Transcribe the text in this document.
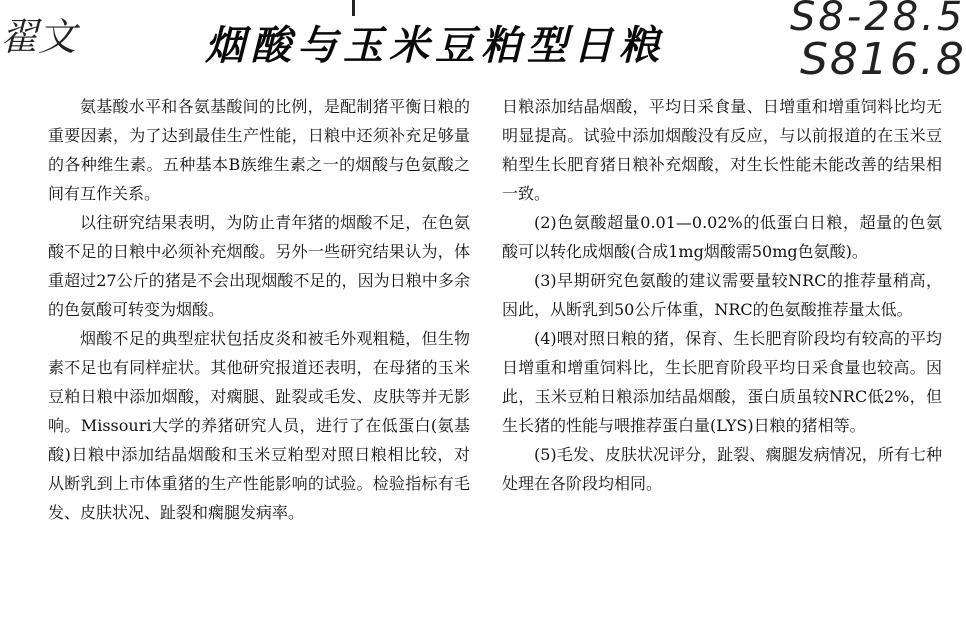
翟文	S8-28.5
S816.8
烟酸与玉米豆粕型日粮

氨基酸水平和各氨基酸间的比例，是配制猪平衡日粮的重要因素，为了达到最佳生产性能，日粮中还须补充足够量的各种维生素。五种基本B族维生素之一的烟酸与色氨酸之间有互作关系。

以往研究结果表明，为防止青年猪的烟酸不足，在色氨酸不足的日粮中必须补充烟酸。另外一些研究结果认为，体重超过27公斤的猪是不会出现烟酸不足的，因为日粮中多余的色氨酸可转变为烟酸。

烟酸不足的典型症状包括皮炎和被毛外观粗糙，但生物素不足也有同样症状。其他研究报道还表明，在母猪的玉米豆粕日粮中添加烟酸，对瘸腿、趾裂或毛发、皮肤等并无影响。Missouri大学的养猪研究人员，进行了在低蛋白(氨基酸)日粮中添加结晶烟酸和玉米豆粕型对照日粮相比较，对从断乳到上市体重猪的生产性能影响的试验。检验指标有毛发、皮肤状况、趾裂和瘸腿发病率。

日粮添加结晶烟酸，平均日采食量、日增重和增重饲料比均无明显提高。试验中添加烟酸没有反应，与以前报道的在玉米豆粕型生长肥育猪日粮补充烟酸，对生长性能未能改善的结果相一致。

(2)色氨酸超量0.01—0.02%的低蛋白日粮，超量的色氨酸可以转化成烟酸(合成1mg烟酸需50mg色氨酸)。

(3)早期研究色氨酸的建议需要量较NRC的推荐量稍高，因此，从断乳到50公斤体重，NRC的色氨酸推荐量太低。

(4)喂对照日粮的猪，保育、生长肥育阶段均有较高的平均日增重和增重饲料比，生长肥育阶段平均日采食量也较高。因此，玉米豆粕日粮添加结晶烟酸，蛋白质虽较NRC低2%，但生长猪的性能与喂推荐蛋白量(LYS)日粮的猪相等。

(5)毛发、皮肤状况评分，趾裂、瘸腿发病情况，所有七种处理在各阶段均相同。
